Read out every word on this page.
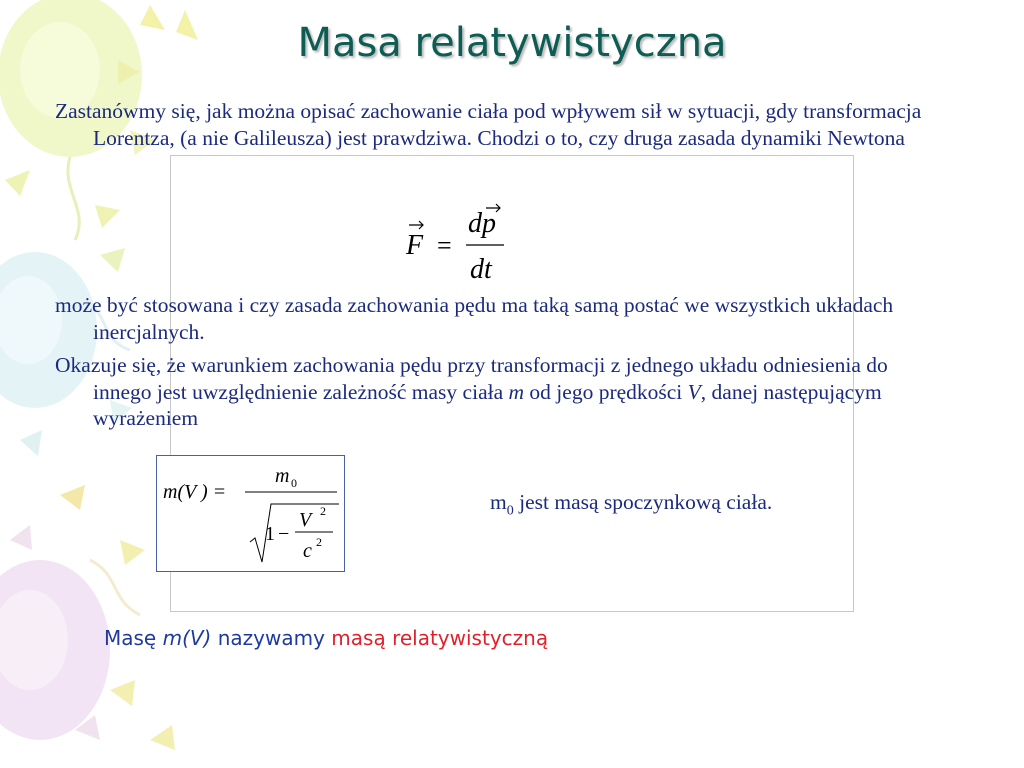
Masa relatywistyczna
Zastanówmy się, jak można opisać zachowanie ciała pod wpływem sił w sytuacji, gdy transformacja Lorentza, (a nie Galileusza) jest prawdziwa. Chodzi o to, czy druga zasada dynamiki Newtona
F =
dp
dt
może być stosowana i czy zasada zachowania pędu ma taką samą postać we wszystkich układach inercjalnych.
Okazuje się, że warunkiem zachowania pędu przy transformacji z jednego układu odniesienia do innego jest uwzględnienie zależność masy ciała m od jego prędkości V, danej następującym wyrażeniem
m(V ) =
m 0
1 −
V 2
c 2
$m_0$ jest masą spoczynkową ciała.
Masę m(V) nazywamy masą relatywistyczną
